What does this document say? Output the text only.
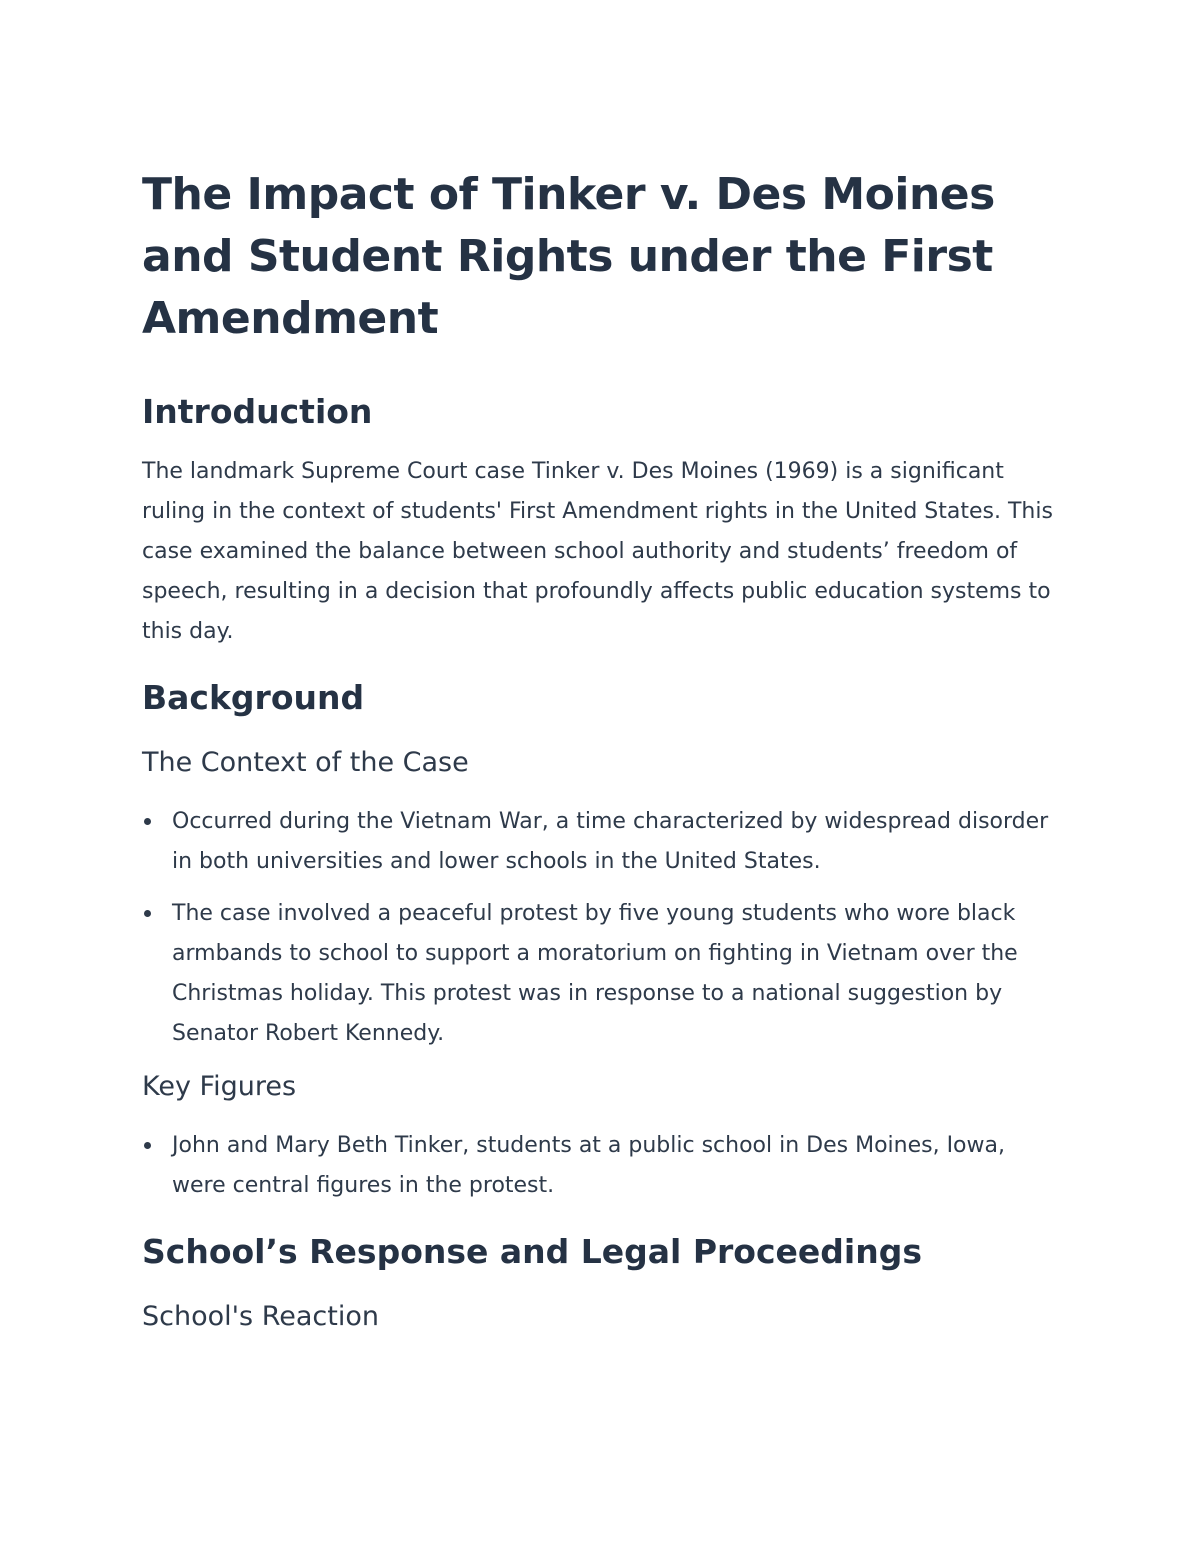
The Impact of Tinker v. Des Moines and Student Rights under the First Amendment
Introduction

The landmark Supreme Court case Tinker v. Des Moines (1969) is a significant ruling in the context of students' First Amendment rights in the United States. This case examined the balance between school authority and students’ freedom of speech, resulting in a decision that profoundly affects public education systems to this day.

Background
The Context of the Case
Occurred during the Vietnam War, a time characterized by widespread disorder in both universities and lower schools in the United States.
The case involved a peaceful protest by five young students who wore black armbands to school to support a moratorium on fighting in Vietnam over the Christmas holiday. This protest was in response to a national suggestion by Senator Robert Kennedy.
Key Figures
John and Mary Beth Tinker, students at a public school in Des Moines, Iowa, were central figures in the protest.
School’s Response and Legal Proceedings
School's Reaction
